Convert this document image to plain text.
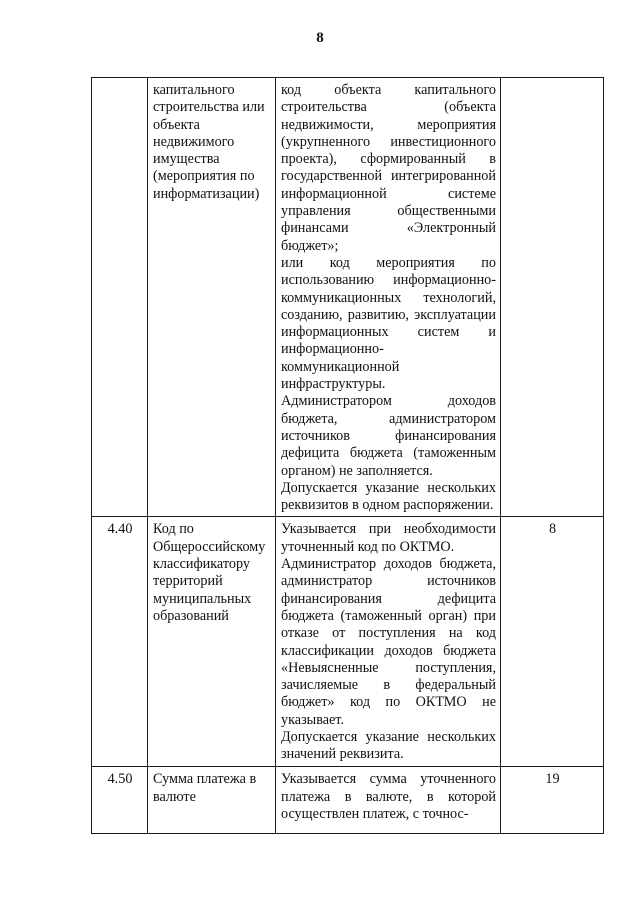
8
	капитального строительства или объекта недвижимого имущества (мероприятия по информатизации)	код объекта капитального строительства (объекта недвижимости, мероприятия (укрупненного инвестиционного проекта), сформированный в государственной интегрированной информационной системе управления общественными финансами «Электронный бюджет»;

или код мероприятия по использованию информационно-коммуникационных технологий, созданию, развитию, эксплуатации информационных систем и информационно-коммуникационной инфраструктуры.

Администратором доходов бюджета, администратором источников финансирования дефицита бюджета (таможенным органом) не заполняется.

Допускается указание нескольких реквизитов в одном распоряжении.	

4.40	Код по Общероссийскому классификатору территорий муниципальных образований	Указывается при необходимости уточненный код по ОКТМО.

Администратор доходов бюджета, администратор источников финансирования дефицита бюджета (таможенный орган) при отказе от поступления на код классификации доходов бюджета «Невыясненные поступления, зачисляемые в федеральный бюджет» код по ОКТМО не указывает.

Допускается указание нескольких значений реквизита.	8
4.50	Сумма платежа в валюте	Указывается сумма уточненного платежа в валюте, в которой осуществлен платеж, с точнос-	19
